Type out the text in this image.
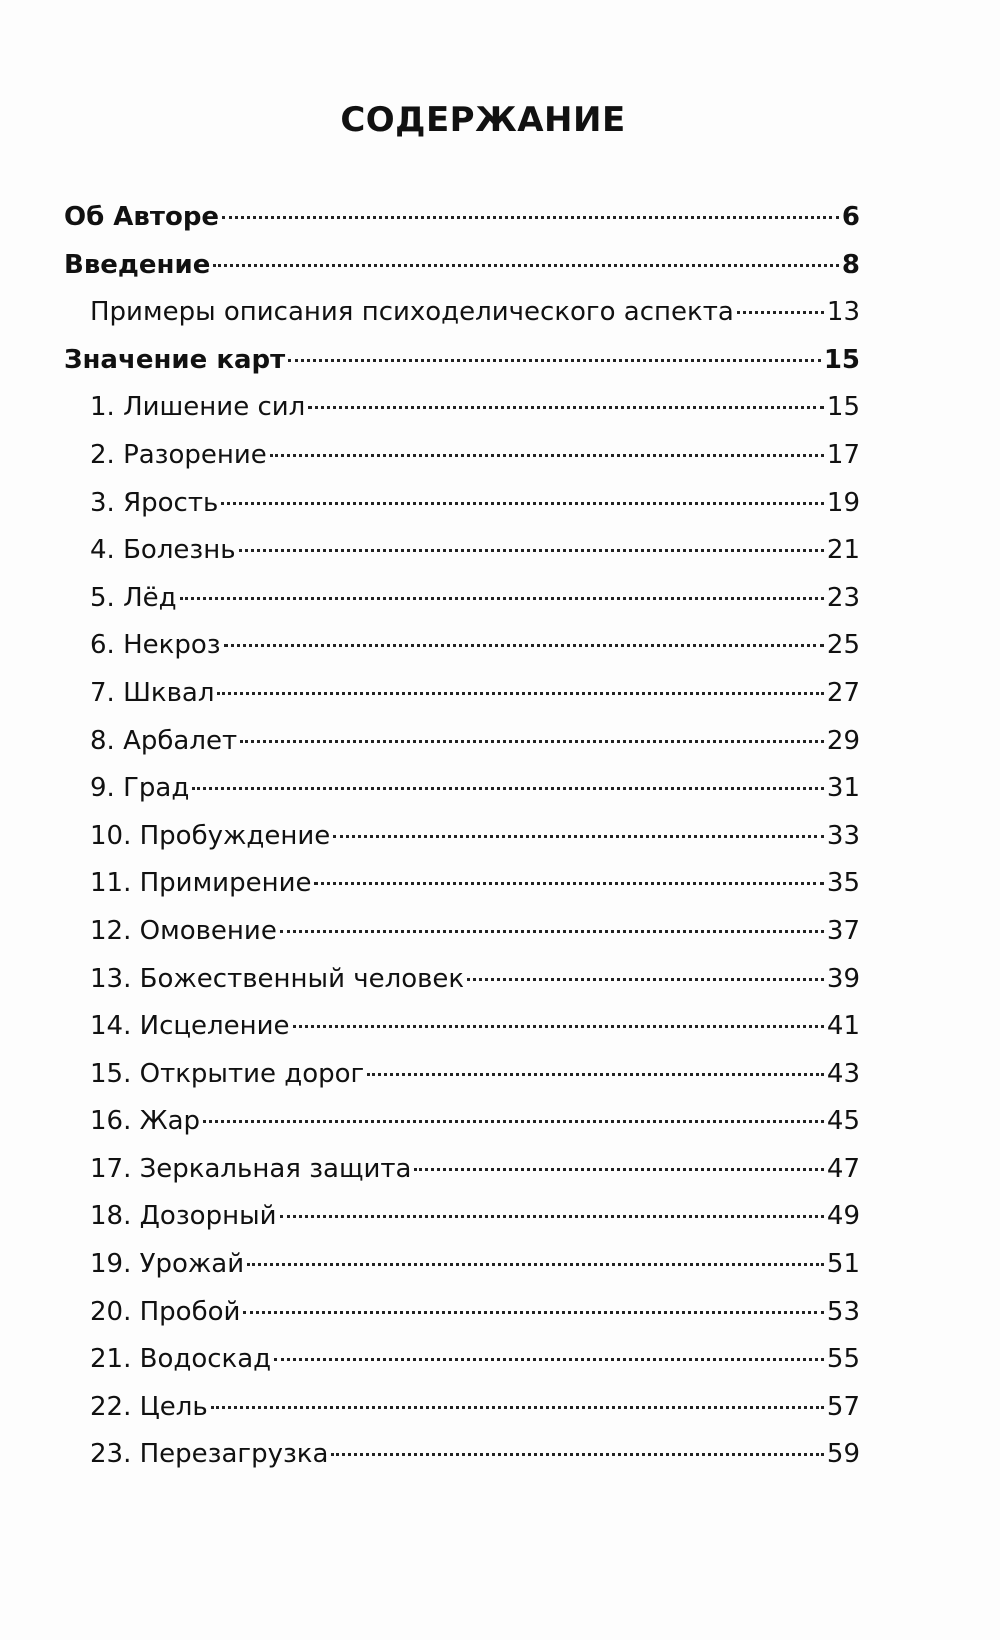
СОДЕРЖАНИЕ
Об Авторе	6
Введение	8
Примеры описания психоделического аспекта	13
Значение карт	15
1. Лишение сил	15
2. Разорение	17
3. Ярость	19
4. Болезнь	21
5. Лёд	23
6. Некроз	25
7. Шквал	27
8. Арбалет	29
9. Град	31
10. Пробуждение	33
11. Примирение	35
12. Омовение	37
13. Божественный человек	39
14. Исцеление	41
15. Открытие дорог	43
16. Жар	45
17. Зеркальная защита	47
18. Дозорный	49
19. Урожай	51
20. Пробой	53
21. Водоскад	55
22. Цель	57
23. Перезагрузка	59
